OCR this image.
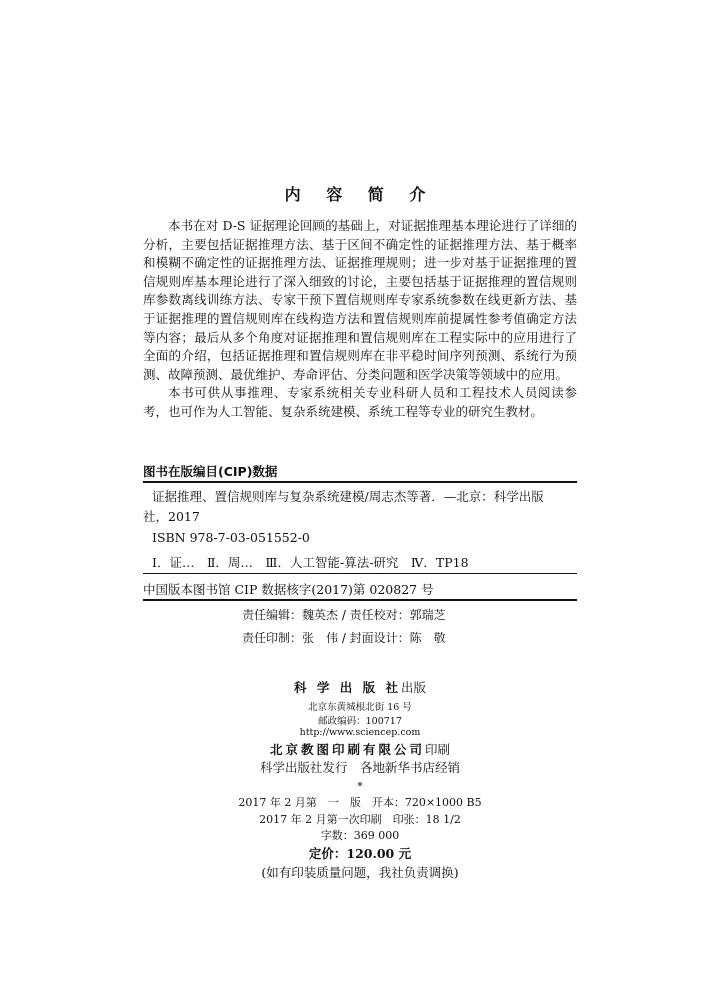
内 容 简 介

本书在对 D-S 证据理论回顾的基础上，对证据推理基本理论进行了详细的分析，主要包括证据推理方法、基于区间不确定性的证据推理方法、基于概率和模糊不确定性的证据推理方法、证据推理规则；进一步对基于证据推理的置信规则库基本理论进行了深入细致的讨论，主要包括基于证据推理的置信规则库参数离线训练方法、专家干预下置信规则库专家系统参数在线更新方法、基于证据推理的置信规则库在线构造方法和置信规则库前提属性参考值确定方法等内容；最后从多个角度对证据推理和置信规则库在工程实际中的应用进行了全面的介绍，包括证据推理和置信规则库在非平稳时间序列预测、系统行为预测、故障预测、最优维护、寿命评估、分类问题和医学决策等领域中的应用。

本书可供从事推理、专家系统相关专业科研人员和工程技术人员阅读参考，也可作为人工智能、复杂系统建模、系统工程等专业的研究生教材。

图书在版编目(CIP)数据
证据推理、置信规则库与复杂系统建模/周志杰等著．—北京：科学出版
社，2017
ISBN 978-7-03-051552-0
Ⅰ．证…　Ⅱ．周…　Ⅲ．人工智能-算法-研究　Ⅳ．TP18
中国版本图书馆 CIP 数据核字(2017)第 020827 号
责任编辑：魏英杰 / 责任校对：郭瑞芝
责任印制：张　伟 / 封面设计：陈　敬
科 学 出 版 社出版
北京东黄城根北街 16 号
邮政编码：100717
http://www.sciencep.com
北京教图印刷有限公司印刷
科学出版社发行　各地新华书店经销
*
2017 年 2 月第　一　版　开本：720×1000 B5
2017 年 2 月第一次印刷　印张：18 1/2
字数：369 000
定价：120.00 元
(如有印装质量问题，我社负责调换)
